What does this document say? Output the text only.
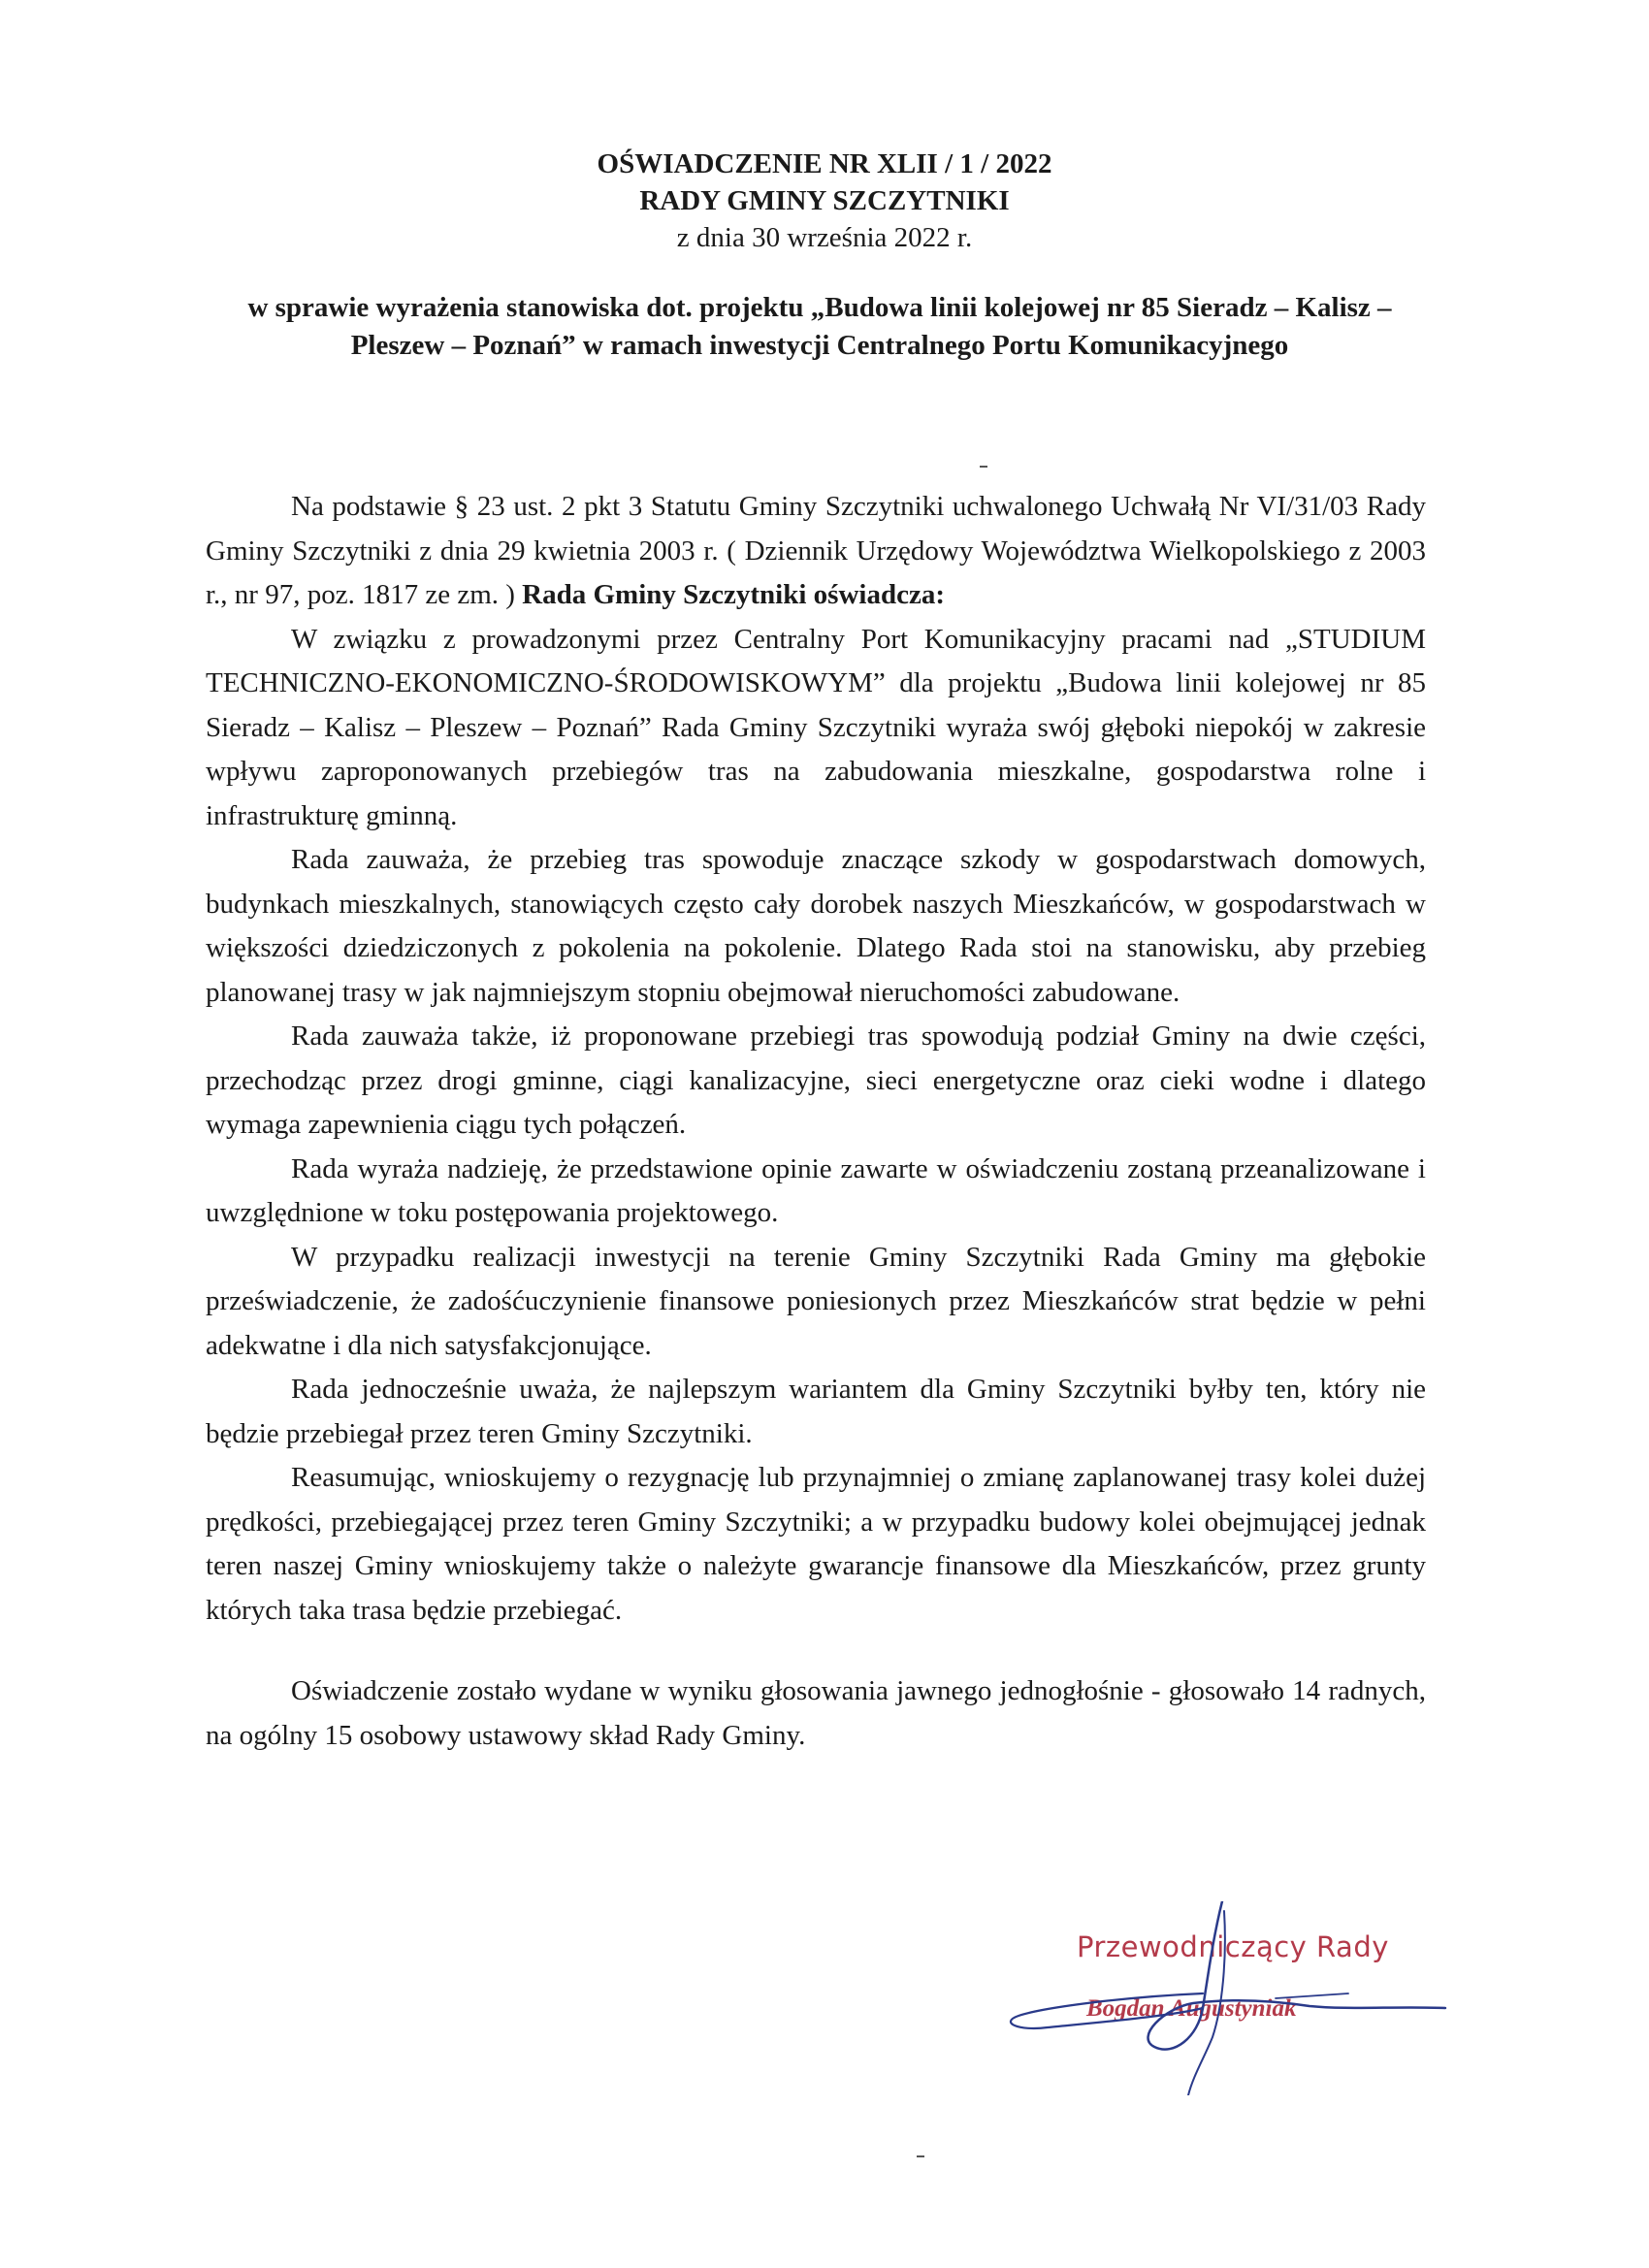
OŚWIADCZENIE NR XLII / 1 / 2022
RADY GMINY SZCZYTNIKI
z dnia 30 września 2022 r.
w sprawie wyrażenia stanowiska dot. projektu „Budowa linii kolejowej nr 85 Sieradz – Kalisz – Pleszew – Poznań” w ramach inwestycji Centralnego Portu Komunikacyjnego

Na podstawie § 23 ust. 2 pkt 3 Statutu Gminy Szczytniki uchwalonego Uchwałą Nr VI/31/03 Rady Gminy Szczytniki z dnia 29 kwietnia 2003 r. ( Dziennik Urzędowy Województwa Wielkopolskiego z 2003 r., nr 97, poz. 1817 ze zm. ) Rada Gminy Szczytniki oświadcza:

W związku z prowadzonymi przez Centralny Port Komunikacyjny pracami nad „STUDIUM TECHNICZNO-EKONOMICZNO-ŚRODOWISKOWYM” dla projektu „Budowa linii kolejowej nr 85 Sieradz – Kalisz – Pleszew – Poznań” Rada Gminy Szczytniki wyraża swój głęboki niepokój w zakresie wpływu zaproponowanych przebiegów tras na zabudowania mieszkalne, gospodarstwa rolne i infrastrukturę gminną.

Rada zauważa, że przebieg tras spowoduje znaczące szkody w gospodarstwach domowych, budynkach mieszkalnych, stanowiących często cały dorobek naszych Mieszkańców, w gospodarstwach w większości dziedziczonych z pokolenia na pokolenie. Dlatego Rada stoi na stanowisku, aby przebieg planowanej trasy w jak najmniejszym stopniu obejmował nieruchomości zabudowane.

Rada zauważa także, iż proponowane przebiegi tras spowodują podział Gminy na dwie części, przechodząc przez drogi gminne, ciągi kanalizacyjne, sieci energetyczne oraz cieki wodne i dlatego wymaga zapewnienia ciągu tych połączeń.

Rada wyraża nadzieję, że przedstawione opinie zawarte w oświadczeniu zostaną przeanalizowane i uwzględnione w toku postępowania projektowego.

W przypadku realizacji inwestycji na terenie Gminy Szczytniki Rada Gminy ma głębokie przeświadczenie, że zadośćuczynienie finansowe poniesionych przez Mieszkańców strat będzie w pełni adekwatne i dla nich satysfakcjonujące.

Rada jednocześnie uważa, że najlepszym wariantem dla Gminy Szczytniki byłby ten, który nie będzie przebiegał przez teren Gminy Szczytniki.

Reasumując, wnioskujemy o rezygnację lub przynajmniej o zmianę zaplanowanej trasy kolei dużej prędkości, przebiegającej przez teren Gminy Szczytniki; a w przypadku budowy kolei obejmującej jednak teren naszej Gminy wnioskujemy także o należyte gwarancje finansowe dla Mieszkańców, przez grunty których taka trasa będzie przebiegać.

Oświadczenie zostało wydane w wyniku głosowania jawnego jednogłośnie - głosowało 14 radnych, na ogólny 15 osobowy ustawowy skład Rady Gminy.

Przewodniczący Rady
Bogdan Augustyniak
